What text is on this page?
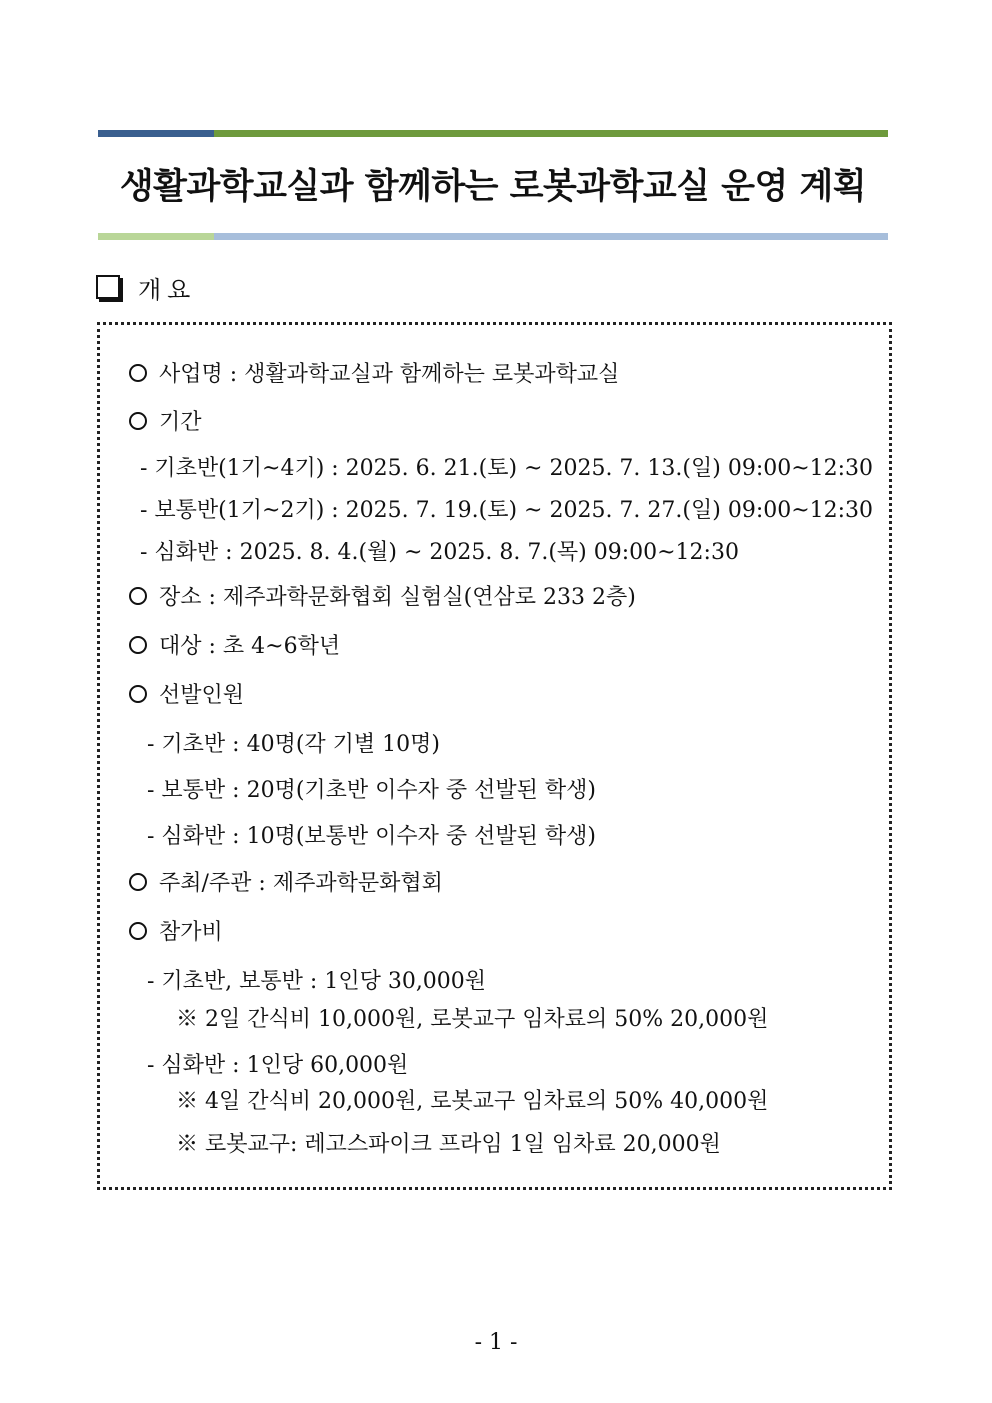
생활과학교실과 함께하는 로봇과학교실 운영 계획
개요
사업명 : 생활과학교실과 함께하는 로봇과학교실
기간
- 기초반(1기~4기) : 2025. 6. 21.(토) ~ 2025. 7. 13.(일) 09:00~12:30
- 보통반(1기~2기) : 2025. 7. 19.(토) ~ 2025. 7. 27.(일) 09:00~12:30
- 심화반 : 2025. 8. 4.(월) ~ 2025. 8. 7.(목) 09:00~12:30
장소 : 제주과학문화협회 실험실(연삼로 233 2층)
대상 : 초 4~6학년
선발인원
- 기초반 : 40명(각 기별 10명)
- 보통반 : 20명(기초반 이수자 중 선발된 학생)
- 심화반 : 10명(보통반 이수자 중 선발된 학생)
주최/주관 : 제주과학문화협회
참가비
- 기초반, 보통반 : 1인당 30,000원
※ 2일 간식비 10,000원, 로봇교구 임차료의 50% 20,000원
- 심화반 : 1인당 60,000원
※ 4일 간식비 20,000원, 로봇교구 임차료의 50% 40,000원
※ 로봇교구: 레고스파이크 프라임 1일 임차료 20,000원
- 1 -
